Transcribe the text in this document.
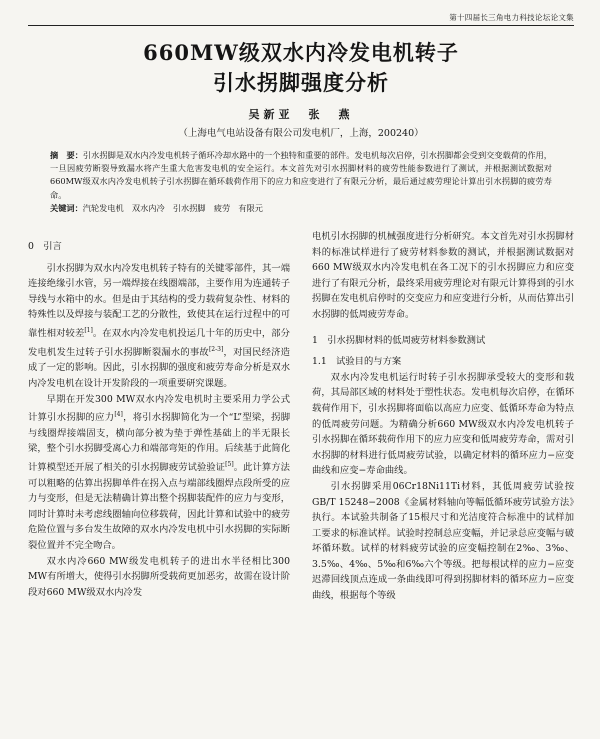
第十四届长三角电力科技论坛论文集
660MW级双水内冷发电机转子
引水拐脚强度分析
吴新亚　张　燕
（上海电气电站设备有限公司发电机厂，上海，200240）
摘　要：引水拐脚是双水内冷发电机转子循环冷却水路中的一个独特和重要的部件。发电机每次启停，引水拐脚都会受到交变载荷的作用，一旦因疲劳断裂导致漏水将产生重大危害发电机的安全运行。本文首先对引水拐脚材料的疲劳性能参数进行了测试，并根据测试数据对660MW级双水内冷发电机转子引水拐脚在循环载荷作用下的应力和应变进行了有限元分析，最后通过疲劳理论计算出引水拐脚的疲劳寿命。
关键词：汽轮发电机　双水内冷　引水拐脚　疲劳　有限元
0　引言

引水拐脚为双水内冷发电机转子特有的关键零部件，其一端连接绝缘引水管，另一端焊接在线圈端部，主要作用为连通转子导线与水箱中的水。但是由于其结构的受力载荷复杂性、材料的特殊性以及焊接与装配工艺的分散性，致使其在运行过程中的可靠性相对较差[1]。在双水内冷发电机投运几十年的历史中，部分发电机发生过转子引水拐脚断裂漏水的事故[2-3]，对国民经济造成了一定的影响。因此，引水拐脚的强度和疲劳寿命分析是双水内冷发电机在设计开发阶段的一项重要研究课题。

早期在开发300 MW双水内冷发电机时主要采用力学公式计算引水拐脚的应力[4]，将引水拐脚简化为一个“L”型梁，拐脚与线圈焊接端固支，横向部分被为垫于弹性基础上的半无限长梁，整个引水拐脚受离心力和端部弯矩的作用。后续基于此简化计算模型还开展了相关的引水拐脚疲劳试验验证[5]。此计算方法可以粗略的估算出拐脚单件在拐入点与端部线圈焊点段所受的应力与变形，但是无法精确计算出整个拐脚装配件的应力与变形，同时计算时未考虑线圈轴向位移载荷，因此计算和试验中的疲劳危险位置与多台发生故障的双水内冷发电机中引水拐脚的实际断裂位置并不完全吻合。

双水内冷660 MW级发电机转子的进出水半径相比300 MW有所增大，使得引水拐脚所受载荷更加恶劣，故需在设计阶段对660 MW级双水内冷发

电机引水拐脚的机械强度进行分析研究。本文首先对引水拐脚材料的标准试样进行了疲劳材料参数的测试，并根据测试数据对660 MW级双水内冷发电机在各工况下的引水拐脚应力和应变进行了有限元分析，最终采用疲劳理论对有限元计算得到的引水拐脚在发电机启停时的交变应力和应变进行分析，从而估算出引水拐脚的低周疲劳寿命。

1　引水拐脚材料的低周疲劳材料参数测试
1.1　试验目的与方案

双水内冷发电机运行时转子引水拐脚承受较大的变形和载荷，其局部区域的材料处于塑性状态。发电机每次启停，在循环载荷作用下，引水拐脚将面临以高应力应变、低循环寿命为特点的低周疲劳问题。为精确分析660 MW级双水内冷发电机转子引水拐脚在循环载荷作用下的应力应变和低周疲劳寿命，需对引水拐脚的材料进行低周疲劳试验，以确定材料的循环应力−应变曲线和应变−寿命曲线。

引水拐脚采用06Cr18Ni11Ti材料，其低周疲劳试验按GB/T 15248−2008《金属材料轴向等幅低循环疲劳试验方法》执行。本试验共制备了15根尺寸和光洁度符合标准中的试样加工要求的标准试样。试验时控制总应变幅，并记录总应变幅与破坏循环数。试样的材料疲劳试验的应变幅控制在2‰、3‰、3.5‰、4‰、5‰和6‰六个等级。把每根试样的应力−应变迟滞回线顶点连成一条曲线即可得到拐脚材料的循环应力−应变曲线，根据每个等级
